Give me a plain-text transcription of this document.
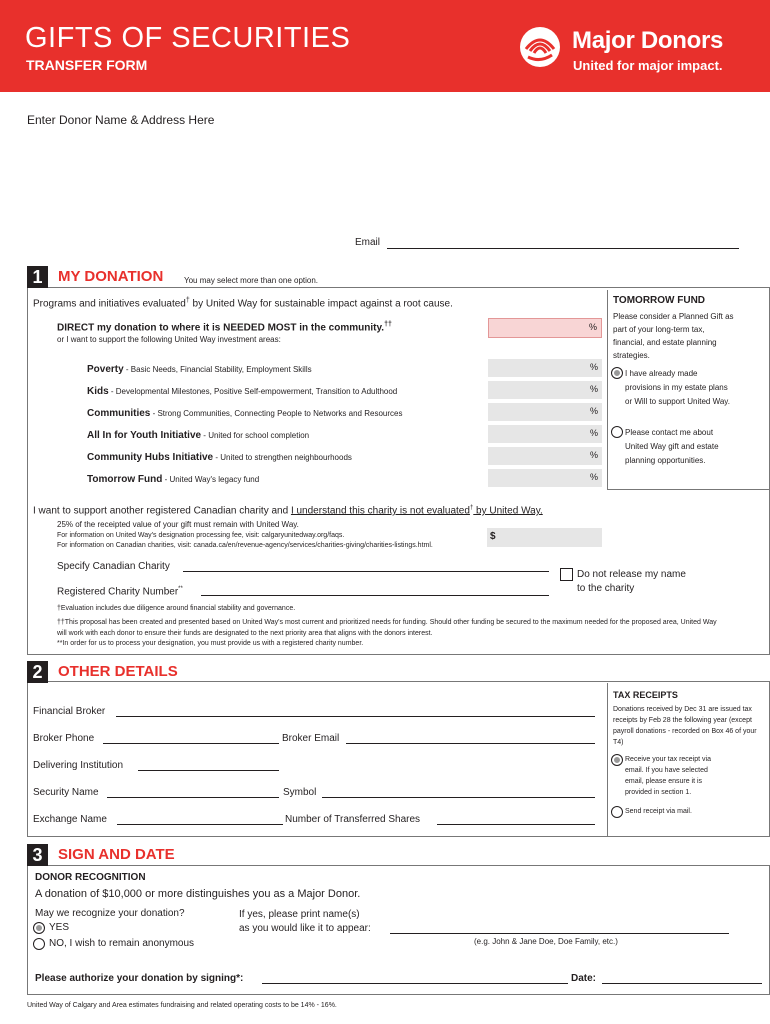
GIFTS OF SECURITIES
TRANSFER FORM
Major Donors
United for major impact.
Enter Donor Name & Address Here
Email
1	MY DONATION	You may select more than one option.
Programs and initiatives evaluated† by United Way for sustainable impact against a root cause.
DIRECT my donation to where it is NEEDED MOST in the community.††	%
or I want to support the following United Way investment areas:
Poverty - Basic Needs, Financial Stability, Employment Skills	%
Kids - Developmental Milestones, Positive Self-empowerment, Transition to Adulthood	%
Communities - Strong Communities, Connecting People to Networks and Resources	%
All In for Youth Initiative - United for school completion	%
Community Hubs Initiative - United to strengthen neighbourhoods	%
Tomorrow Fund - United Way's legacy fund	%
TOMORROW FUND
Please consider a Planned Gift as part of your long-term tax, financial, and estate planning strategies.
I have already made provisions in my estate plans or Will to support United Way.
Please contact me about United Way gift and estate planning opportunities.
I want to support another registered Canadian charity and I understand this charity is not evaluated† by United Way.
25% of the receipted value of your gift must remain with United Way.
For information on United Way's designation processing fee, visit: calgaryunitedway.org/faqs.
For information on Canadian charities, visit: canada.ca/en/revenue-agency/services/charities-giving/charities-listings.html.
$
Specify Canadian Charity
Registered Charity Number**
Do not release my name to the charity
†Evaluation includes due diligence around financial stability and governance.
††This proposal has been created and presented based on United Way's most current and prioritized needs for funding. Should other funding be secured to the maximum needed for the proposed area, United Way will work with each donor to ensure their funds are designated to the next priority area that aligns with the donors interest.
**In order for us to process your designation, you must provide us with a registered charity number.
2	OTHER DETAILS
Financial Broker
Broker Phone	Broker Email
Delivering Institution
Security Name	Symbol
Exchange Name	Number of Transferred Shares
TAX RECEIPTS
Donations received by Dec 31 are issued tax receipts by Feb 28 the following year (except payroll donations - recorded on Box 46 of your T4)
Receive your tax receipt via email. If you have selected email, please ensure it is provided in section 1.
Send receipt via mail.
3	SIGN AND DATE
DONOR RECOGNITION
A donation of $10,000 or more distinguishes you as a Major Donor.
May we recognize your donation?
YES
NO, I wish to remain anonymous
If yes, please print name(s)
as you would like it to appear:
(e.g. John & Jane Doe, Doe Family, etc.)
Please authorize your donation by signing*:	Date:
United Way of Calgary and Area estimates fundraising and related operating costs to be 14% - 16%.
